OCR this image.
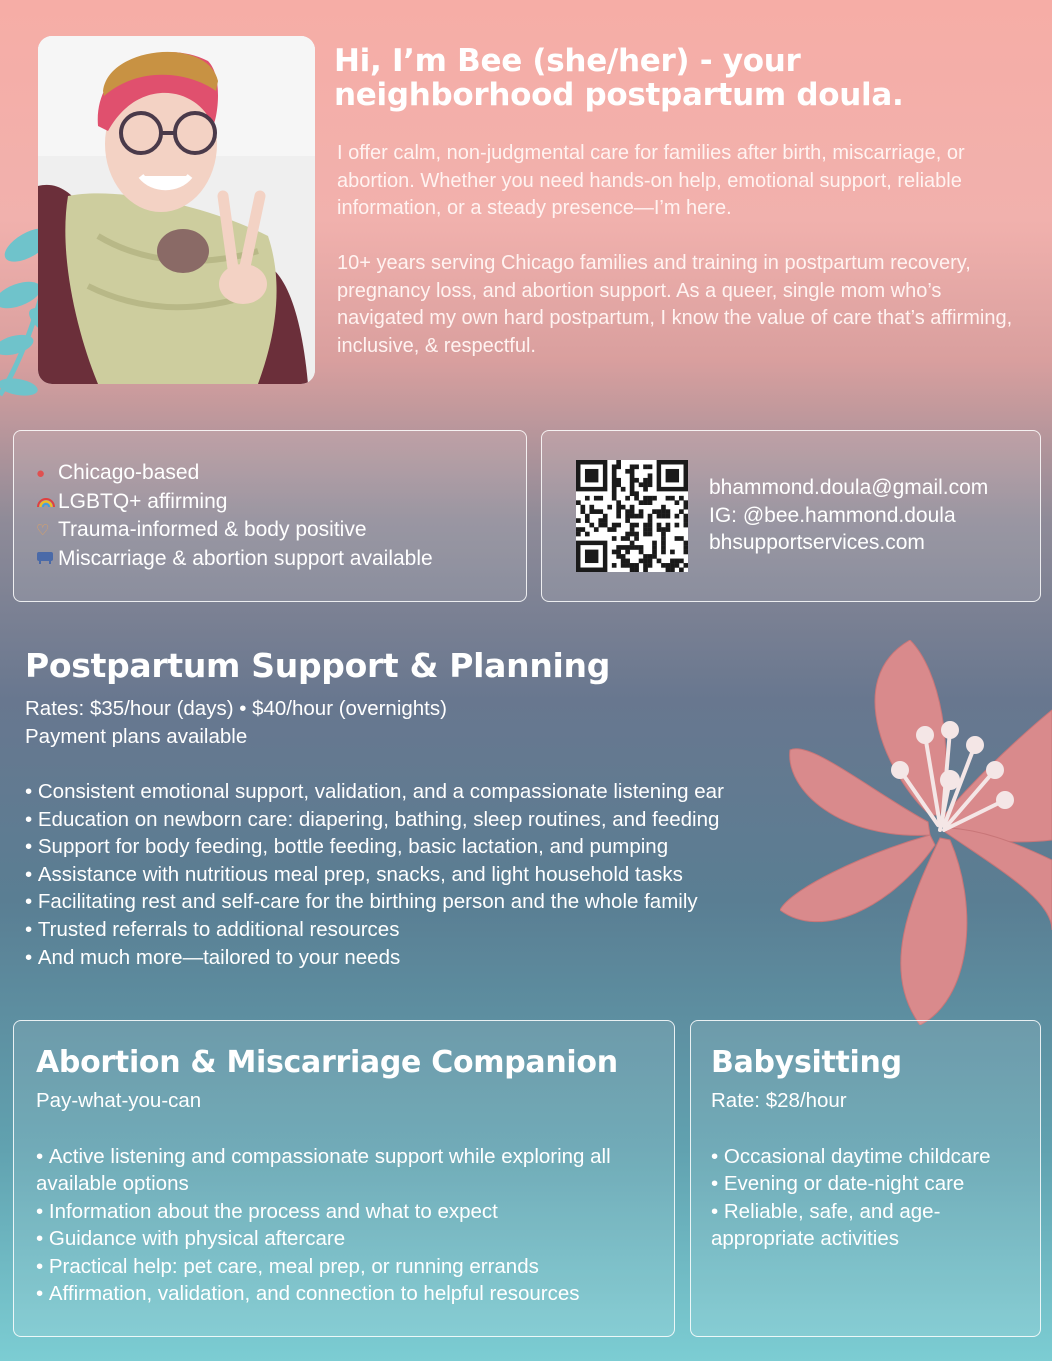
Hi, I’m Bee (she/her) - your
neighborhood postpartum doula.

I offer calm, non-judgmental care for families after birth, miscarriage, or abortion. Whether you need hands-on help, emotional support, reliable information, or a steady presence—I’m here.

10+ years serving Chicago families and training in postpartum recovery, pregnancy loss, and abortion support. As a queer, single mom who’s navigated my own hard postpartum, I know the value of care that’s affirming, inclusive, & respectful.

● Chicago-based
LGBTQ+ affirming
♡ Trauma-informed & body positive
Miscarriage & abortion support available
bhammond.doula@gmail.com
IG: @bee.hammond.doula
bhsupportservices.com
Postpartum Support & Planning
Rates: $35/hour (days) • $40/hour (overnights)
Payment plans available
• Consistent emotional support, validation, and a compassionate listening ear
• Education on newborn care: diapering, bathing, sleep routines, and feeding
• Support for body feeding, bottle feeding, basic lactation, and pumping
• Assistance with nutritious meal prep, snacks, and light household tasks
• Facilitating rest and self-care for the birthing person and the whole family
• Trusted referrals to additional resources
• And much more—tailored to your needs
Abortion & Miscarriage Companion
Pay-what-you-can
• Active listening and compassionate support while exploring all available options
• Information about the process and what to expect
• Guidance with physical aftercare
• Practical help: pet care, meal prep, or running errands
• Affirmation, validation, and connection to helpful resources
Babysitting
Rate: $28/hour
• Occasional daytime childcare
• Evening or date-night care
• Reliable, safe, and age-appropriate activities
